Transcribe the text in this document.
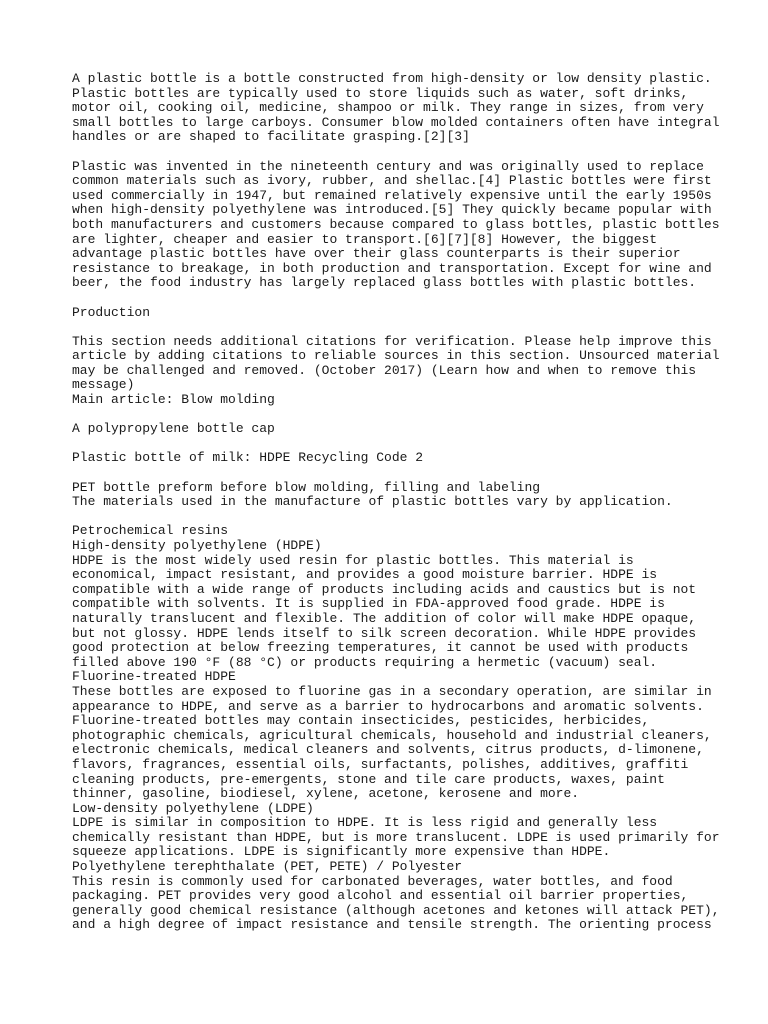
A plastic bottle is a bottle constructed from high-density or low density plastic.
Plastic bottles are typically used to store liquids such as water, soft drinks,
motor oil, cooking oil, medicine, shampoo or milk. They range in sizes, from very
small bottles to large carboys. Consumer blow molded containers often have integral
handles or are shaped to facilitate grasping.[2][3]
Plastic was invented in the nineteenth century and was originally used to replace
common materials such as ivory, rubber, and shellac.[4] Plastic bottles were first
used commercially in 1947, but remained relatively expensive until the early 1950s
when high-density polyethylene was introduced.[5] They quickly became popular with
both manufacturers and customers because compared to glass bottles, plastic bottles
are lighter, cheaper and easier to transport.[6][7][8] However, the biggest
advantage plastic bottles have over their glass counterparts is their superior
resistance to breakage, in both production and transportation. Except for wine and
beer, the food industry has largely replaced glass bottles with plastic bottles.
Production
This section needs additional citations for verification. Please help improve this
article by adding citations to reliable sources in this section. Unsourced material
may be challenged and removed. (October 2017) (Learn how and when to remove this
message)
Main article: Blow molding
A polypropylene bottle cap
Plastic bottle of milk: HDPE Recycling Code 2
PET bottle preform before blow molding, filling and labeling
The materials used in the manufacture of plastic bottles vary by application.
Petrochemical resins
High-density polyethylene (HDPE)
HDPE is the most widely used resin for plastic bottles. This material is
economical, impact resistant, and provides a good moisture barrier. HDPE is
compatible with a wide range of products including acids and caustics but is not
compatible with solvents. It is supplied in FDA-approved food grade. HDPE is
naturally translucent and flexible. The addition of color will make HDPE opaque,
but not glossy. HDPE lends itself to silk screen decoration. While HDPE provides
good protection at below freezing temperatures, it cannot be used with products
filled above 190 °F (88 °C) or products requiring a hermetic (vacuum) seal.
Fluorine-treated HDPE
These bottles are exposed to fluorine gas in a secondary operation, are similar in
appearance to HDPE, and serve as a barrier to hydrocarbons and aromatic solvents.
Fluorine-treated bottles may contain insecticides, pesticides, herbicides,
photographic chemicals, agricultural chemicals, household and industrial cleaners,
electronic chemicals, medical cleaners and solvents, citrus products, d-limonene,
flavors, fragrances, essential oils, surfactants, polishes, additives, graffiti
cleaning products, pre-emergents, stone and tile care products, waxes, paint
thinner, gasoline, biodiesel, xylene, acetone, kerosene and more.
Low-density polyethylene (LDPE)
LDPE is similar in composition to HDPE. It is less rigid and generally less
chemically resistant than HDPE, but is more translucent. LDPE is used primarily for
squeeze applications. LDPE is significantly more expensive than HDPE.
Polyethylene terephthalate (PET, PETE) / Polyester
This resin is commonly used for carbonated beverages, water bottles, and food
packaging. PET provides very good alcohol and essential oil barrier properties,
generally good chemical resistance (although acetones and ketones will attack PET),
and a high degree of impact resistance and tensile strength. The orienting process
